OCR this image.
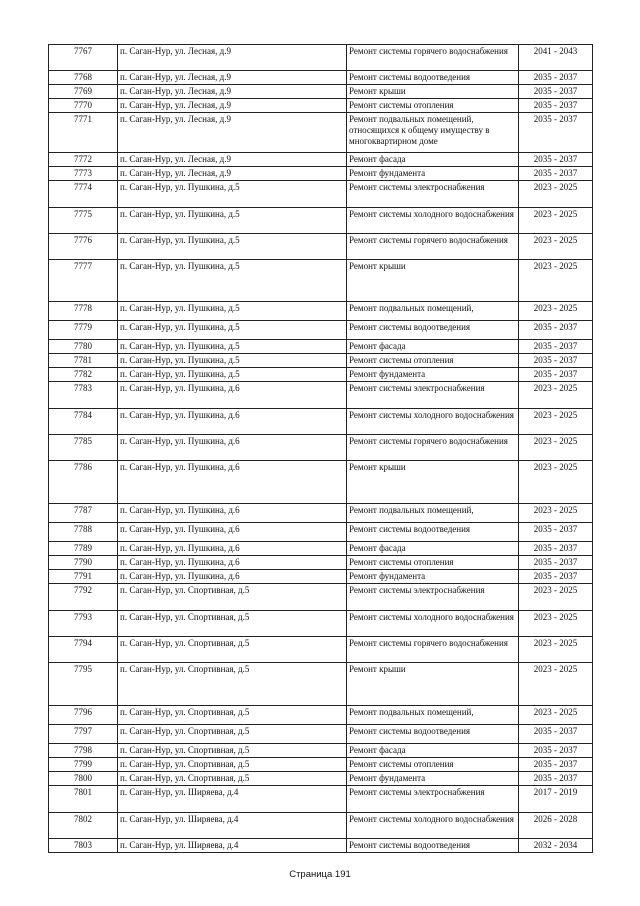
7767	п. Саган-Нур, ул. Лесная, д.9	Ремонт системы горячего водоснабжения	2041 - 2043
7768	п. Саган-Нур, ул. Лесная, д.9	Ремонт системы водоотведения	2035 - 2037
7769	п. Саган-Нур, ул. Лесная, д.9	Ремонт крыши	2035 - 2037
7770	п. Саган-Нур, ул. Лесная, д.9	Ремонт системы отопления	2035 - 2037
7771	п. Саган-Нур, ул. Лесная, д.9	Ремонт подвальных помещений, относящихся к общему имуществу в многоквартирном доме	2035 - 2037
7772	п. Саган-Нур, ул. Лесная, д.9	Ремонт фасада	2035 - 2037
7773	п. Саган-Нур, ул. Лесная, д.9	Ремонт фундамента	2035 - 2037
7774	п. Саган-Нур, ул. Пушкина, д.5	Ремонт системы электроснабжения	2023 - 2025
7775	п. Саган-Нур, ул. Пушкина, д.5	Ремонт системы холодного водоснабжения	2023 - 2025
7776	п. Саган-Нур, ул. Пушкина, д.5	Ремонт системы горячего водоснабжения	2023 - 2025
7777	п. Саган-Нур, ул. Пушкина, д.5	Ремонт крыши	2023 - 2025
7778	п. Саган-Нур, ул. Пушкина, д.5	Ремонт подвальных помещений,	2023 - 2025
7779	п. Саган-Нур, ул. Пушкина, д.5	Ремонт системы водоотведения	2035 - 2037
7780	п. Саган-Нур, ул. Пушкина, д.5	Ремонт фасада	2035 - 2037
7781	п. Саган-Нур, ул. Пушкина, д.5	Ремонт системы отопления	2035 - 2037
7782	п. Саган-Нур, ул. Пушкина, д.5	Ремонт фундамента	2035 - 2037
7783	п. Саган-Нур, ул. Пушкина, д.6	Ремонт системы электроснабжения	2023 - 2025
7784	п. Саган-Нур, ул. Пушкина, д.6	Ремонт системы холодного водоснабжения	2023 - 2025
7785	п. Саган-Нур, ул. Пушкина, д.6	Ремонт системы горячего водоснабжения	2023 - 2025
7786	п. Саган-Нур, ул. Пушкина, д.6	Ремонт крыши	2023 - 2025
7787	п. Саган-Нур, ул. Пушкина, д.6	Ремонт подвальных помещений,	2023 - 2025
7788	п. Саган-Нур, ул. Пушкина, д.6	Ремонт системы водоотведения	2035 - 2037
7789	п. Саган-Нур, ул. Пушкина, д.6	Ремонт фасада	2035 - 2037
7790	п. Саган-Нур, ул. Пушкина, д.6	Ремонт системы отопления	2035 - 2037
7791	п. Саган-Нур, ул. Пушкина, д.6	Ремонт фундамента	2035 - 2037
7792	п. Саган-Нур, ул. Спортивная, д.5	Ремонт системы электроснабжения	2023 - 2025
7793	п. Саган-Нур, ул. Спортивная, д.5	Ремонт системы холодного водоснабжения	2023 - 2025
7794	п. Саган-Нур, ул. Спортивная, д.5	Ремонт системы горячего водоснабжения	2023 - 2025
7795	п. Саган-Нур, ул. Спортивная, д.5	Ремонт крыши	2023 - 2025
7796	п. Саган-Нур, ул. Спортивная, д.5	Ремонт подвальных помещений,	2023 - 2025
7797	п. Саган-Нур, ул. Спортивная, д.5	Ремонт системы водоотведения	2035 - 2037
7798	п. Саган-Нур, ул. Спортивная, д.5	Ремонт фасада	2035 - 2037
7799	п. Саган-Нур, ул. Спортивная, д.5	Ремонт системы отопления	2035 - 2037
7800	п. Саган-Нур, ул. Спортивная, д.5	Ремонт фундамента	2035 - 2037
7801	п. Саган-Нур, ул. Ширяева, д.4	Ремонт системы электроснабжения	2017 - 2019
7802	п. Саган-Нур, ул. Ширяева, д.4	Ремонт системы холодного водоснабжения	2026 - 2028
7803	п. Саган-Нур, ул. Ширяева, д.4	Ремонт системы водоотведения	2032 - 2034
Страница 191
